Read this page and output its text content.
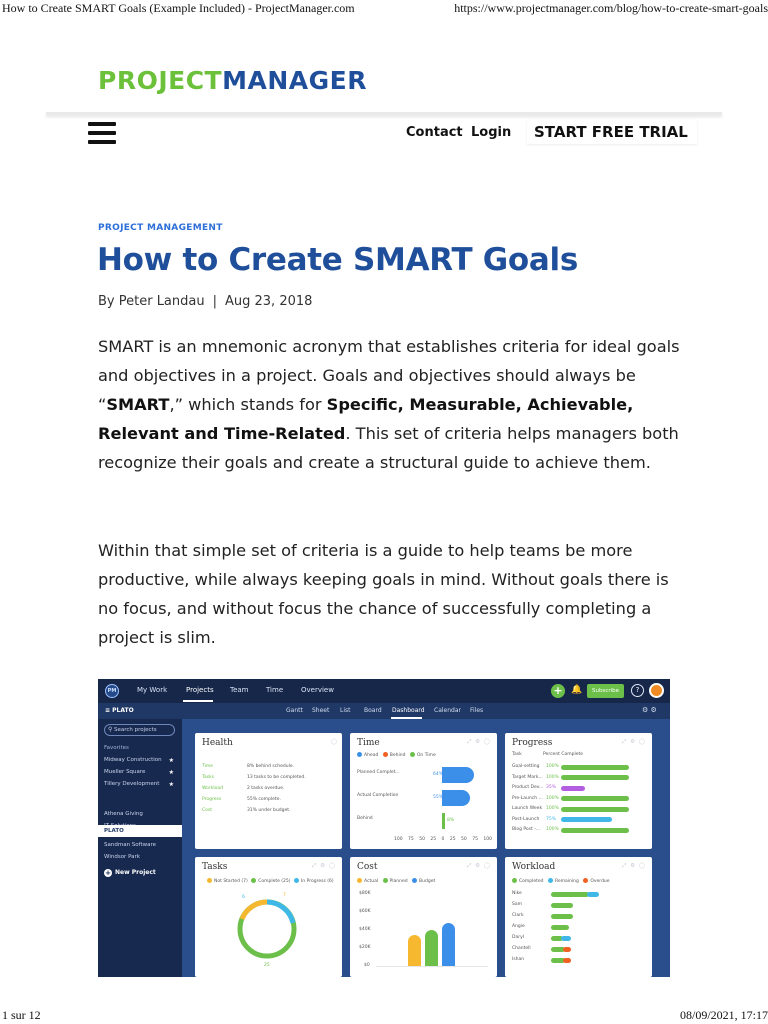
How to Create SMART Goals (Example Included) - ProjectManager.com	https://www.projectmanager.com/blog/how-to-create-smart-goals
PROJECTMANAGER
Contact Login	START FREE TRIAL
PROJECT MANAGEMENT
How to Create SMART Goals
By Peter Landau | Aug 23, 2018

SMART is an mnemonic acronym that establishes criteria for ideal goals and objectives in a project. Goals and objectives should always be “SMART,” which stands for Specific, Measurable, Achievable, Relevant and Time-Related. This set of criteria helps managers both recognize their goals and create a structural guide to achieve them.

Within that simple set of criteria is a guide to help teams be more productive, while always keeping goals in mind. Without goals there is no focus, and without focus the chance of successfully completing a project is slim.

PM	My Work	Projects Team Time	Overview	+ 🔔	Subscribe	?
≡ PLATO	Gantt Sheet List Board Dashboard Calendar Files	⚙ ⚙
⚲ Search projects
Favorites
Midway Construction ★
Mueller Square	★
Tillery Development ★
Athena Giving
PLATO
Sandman Software
Windsor Park
+ New Project
Health	◯
Time	8% behind schedule.
Tasks	13 tasks to be completed.
Workload	2 tasks overdue.
Progress	55% complete.
Cost	31% under budget.
Time	⤢ ⚙ ◯
Ahead	Behind	On Time
Planned Complet...
Actual Completion
Behind
64%
55%
8%
100 75 50 25 0 25 50 75 100
Progress	⤢ ⚙ ◯
Task	Percent Complete
Goal-setting 100%
Target Mark... 100%
Product Dev... 35%
Pre-Launch ... 100%
Launch Week 100%
Post-Launch 75%
Blog Post -... 100%
Tasks	⤢ ⚙ ◯
Not Started (7) Complete (25) In Progress (6)
6	7
25
Cost	⤢ ⚙ ◯
Actual	Planned	Budget
$80K
$60K
$40K
$20K
$0
Workload	⤢ ⚙ ◯
Completed	Remaining	Overdue
Nike
Sam
Clark
Angie
Daryl
Chantell
Ishan
1 sur 12	08/09/2021, 17:17
